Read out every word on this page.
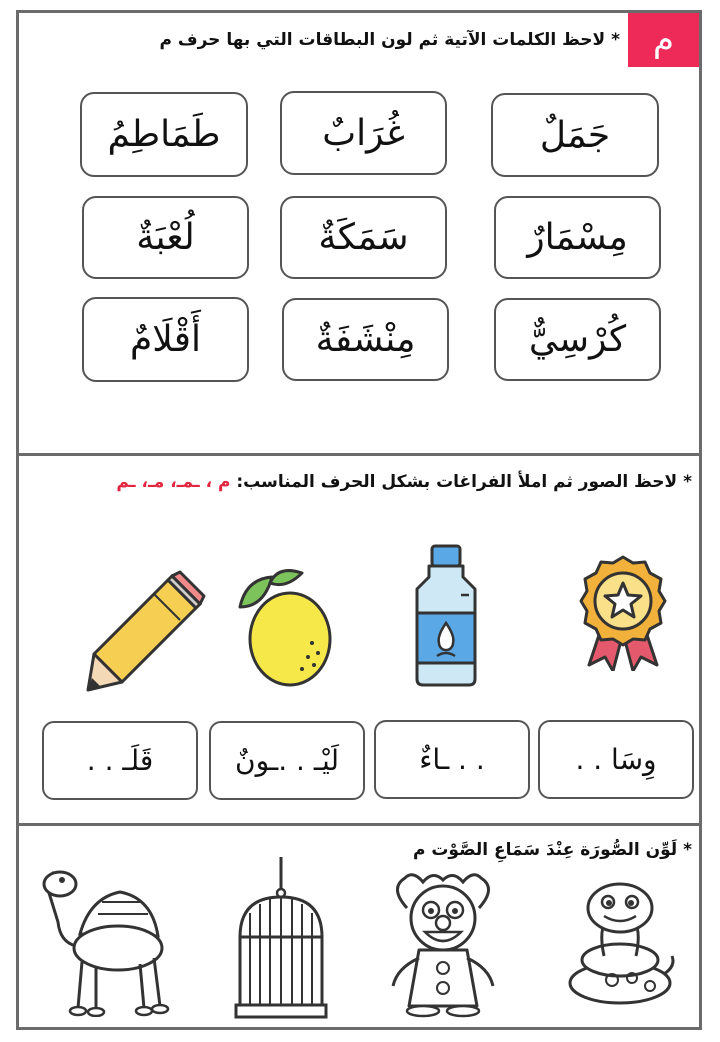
م
* لاحظ الكلمات الآتية ثم لون البطاقات التي بها حرف م
جَمَلٌ
غُرَابٌ
طَمَاطِمُ
مِسْمَارٌ
سَمَكَةٌ
لُعْبَةٌ
كُرْسِيٌّ
مِنْشَفَةٌ
أَقْلَامٌ
* لاحظ الصور ثم املأ الفراغات بشكل الحرف المناسب: م ، ـمـ، مـ، ـم
وِسَا . .
. . ـاءٌ
لَيْـ . .ـونٌ
قَلَـ . .
* لَوِّن الصُّورَة عِنْدَ سَمَاعِ الصَّوْت م
